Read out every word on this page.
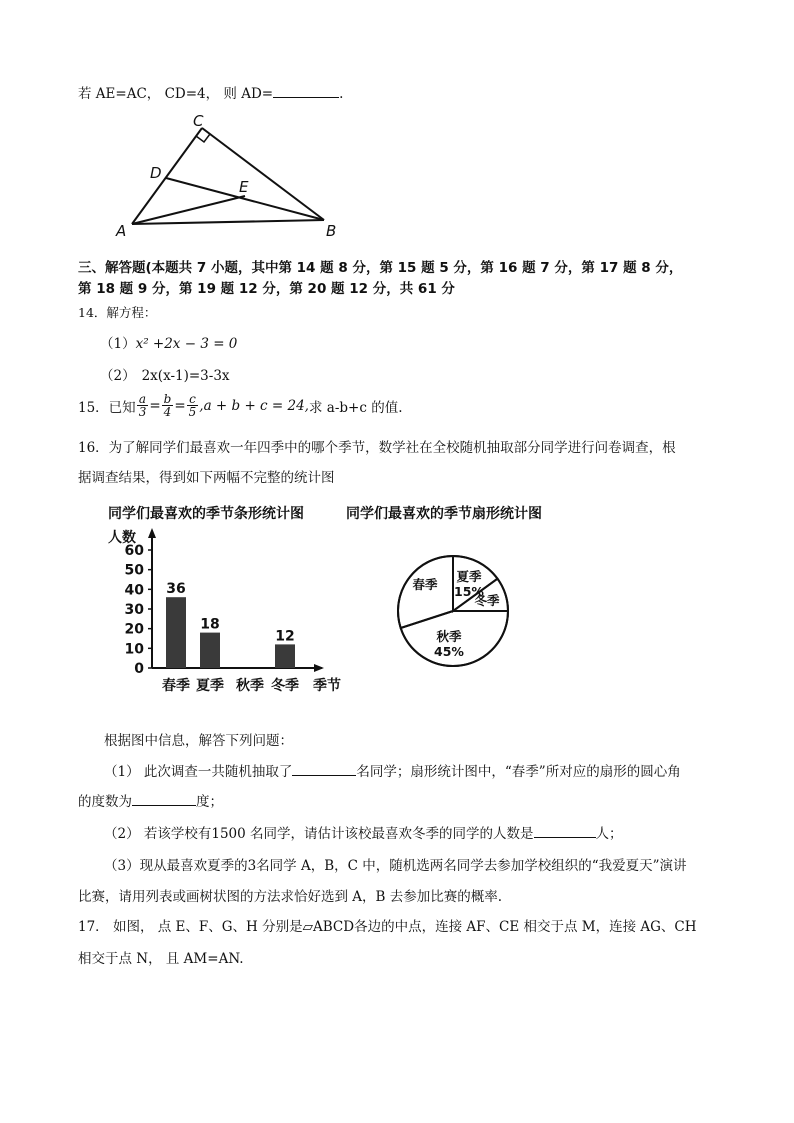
若 AE=AC， CD=4， 则 AD=	.
C
D
E
A	B
三、解答题(本题共 7 小题，其中第 14 题 8 分，第 15 题 5 分，第 16 题 7 分，第 17 题 8 分，
第 18 题 9 分，第 19 题 12 分，第 20 题 12 分，共 61 分
14．解方程：
（1）x² +2x − 3 = 0
（2） 2x(x-1)=3-3x
15．已知 $\frac{a}{3} = \frac{b}{4} = \frac{c}{5} ,a + b + c = 24$, 求 a-b+c 的值.
16．为了解同学们最喜欢一年四季中的哪个季节，数学社在全校随机抽取部分同学进行问卷调查，根
据调查结果，得到如下两幅不完整的统计图
同学们最喜欢的季节条形统计图
人数
0
10
20
30
40
50
60
36
18
12
春季 夏季 秋季 冬季 季节
同学们最喜欢的季节扇形统计图
春季
夏季
15%
冬季
秋季
45%
根据图中信息，解答下列问题：
（1） 此次调查一共随机抽取了	名同学；扇形统计图中，“春季”所对应的扇形的圆心角
的度数为	度；
（2） 若该学校有1500 名同学，请估计该校最喜欢冬季的同学的人数是	人；
（3）现从最喜欢夏季的3名同学 A，B，C 中，随机选两名同学去参加学校组织的“我爱夏天”演讲
比赛，请用列表或画树状图的方法求恰好选到 A，B 去参加比赛的概率.
17． 如图， 点 E、F、G、H 分别是▱ABCD各边的中点，连接 AF、CE 相交于点 M，连接 AG、CH
相交于点 N， 且 AM=AN.
